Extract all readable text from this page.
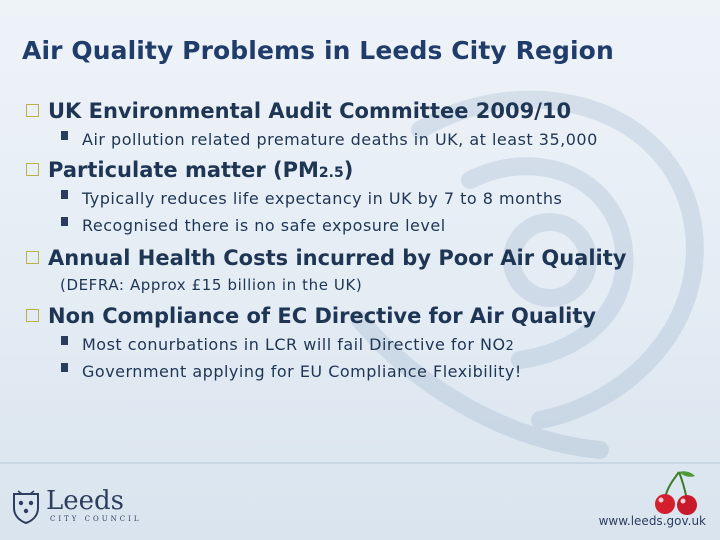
Air Quality Problems in Leeds City Region
UK Environmental Audit Committee 2009/10
Air pollution related premature deaths in UK, at least 35,000
Particulate matter (PM2.5)
Typically reduces life expectancy in UK by 7 to 8 months
Recognised there is no safe exposure level
Annual Health Costs incurred by Poor Air Quality
(DEFRA: Approx £15 billion in the UK)
Non Compliance of EC Directive for Air Quality
Most conurbations in LCR will fail Directive for NO2
Government applying for EU Compliance Flexibility!
Leeds
CITY COUNCIL	www.leeds.gov.uk
